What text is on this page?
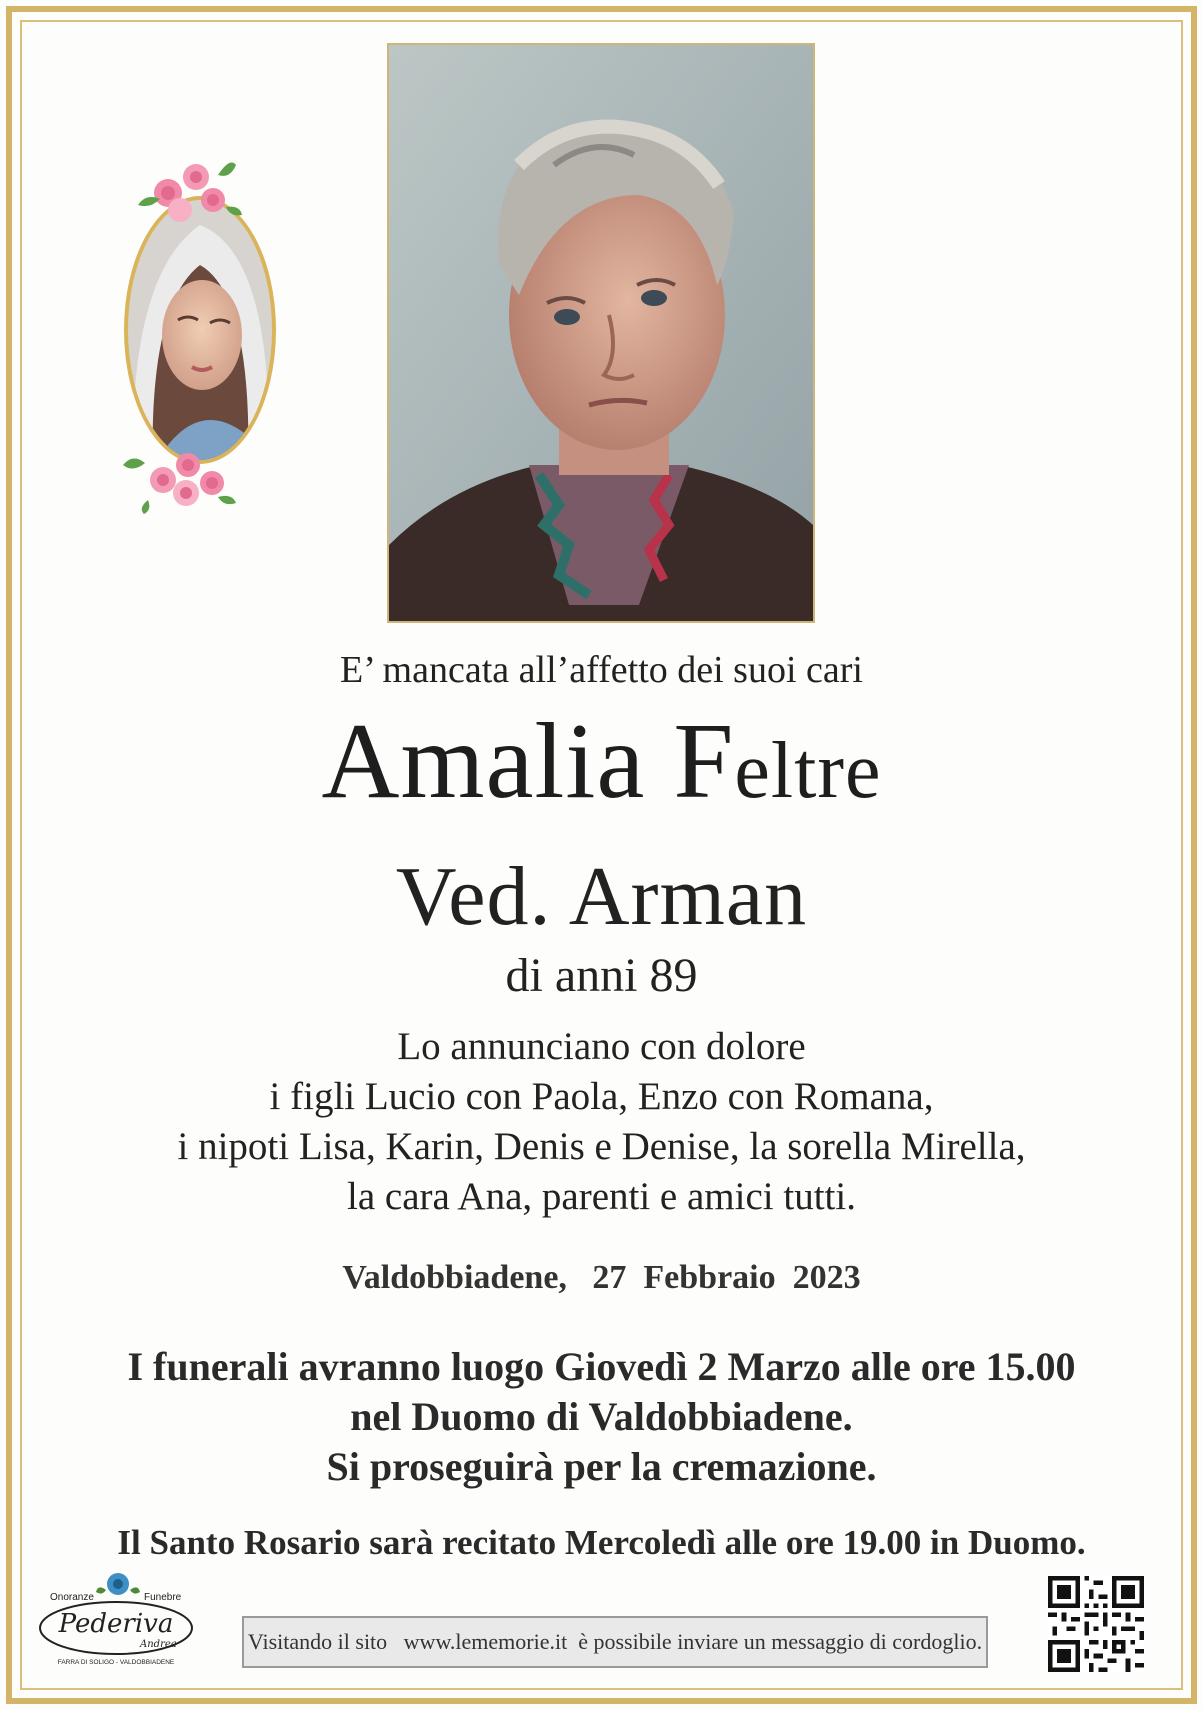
E’ mancata all’affetto dei suoi cari
Amalia Feltre
Ved. Arman
di anni 89
Lo annunciano con dolore
i figli Lucio con Paola, Enzo con Romana,
i nipoti Lisa, Karin, Denis e Denise, la sorella Mirella,
la cara Ana, parenti e amici tutti.
Valdobbiadene,   27  Febbraio  2023
I funerali avranno luogo Giovedì 2 Marzo alle ore 15.00
nel Duomo di Valdobbiadene.
Si proseguirà per la cremazione.
Il Santo Rosario sarà recitato Mercoledì alle ore 19.00 in Duomo.
Onoranze	Funebre
Pederiva
Andrea
FARRA DI SOLIGO - VALDOBBIADENE
Visitando il sito www.lememorie.it è possibile inviare un messaggio di cordoglio.
